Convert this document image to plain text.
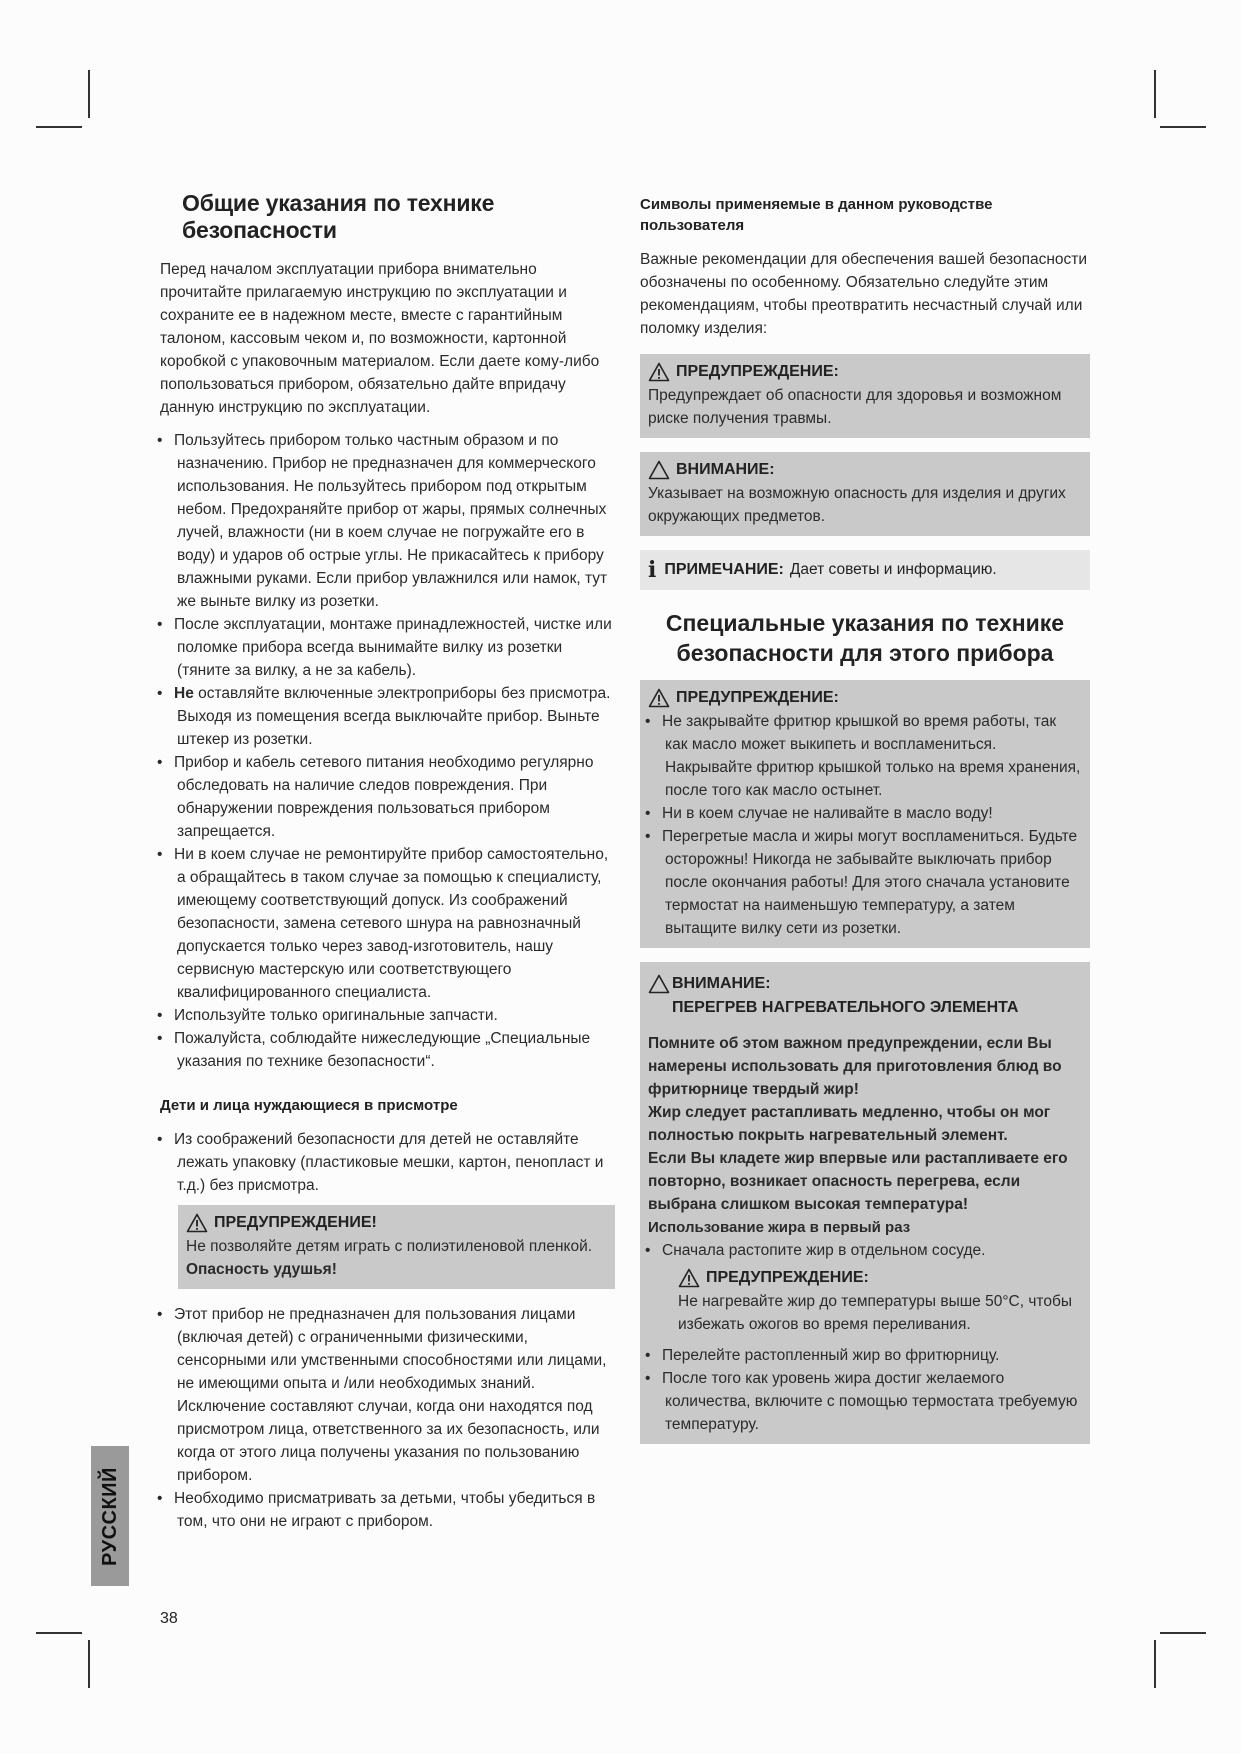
Общие указания по технике безопасности

Перед началом эксплуатации прибора внимательно прочитайте прилагаемую инструкцию по эксплуатации и сохраните ее в надежном месте, вместе с гарантийным талоном, кассовым чеком и, по возможности, картонной коробкой с упаковочным материалом. Если даете кому-либо попользоваться прибором, обязательно дайте впридачу данную инструкцию по эксплуатации.

• Пользуйтесь прибором только частным образом и по назначению. Прибор не предназначен для коммерческого использования. Не пользуйтесь прибором под открытым небом. Предохраняйте прибор от жары, прямых солнечных лучей, влажности (ни в коем случае не погружайте его в воду) и ударов об острые углы. Не прикасайтесь к прибору влажными руками. Если прибор увлажнился или намок, тут же выньте вилку из розетки.
• После эксплуатации, монтаже принадлежностей, чистке или поломке прибора всегда вынимайте вилку из розетки (тяните за вилку, а не за кабель).
• Не оставляйте включенные электроприборы без присмотра. Выходя из помещения всегда выключайте прибор. Выньте штекер из розетки.
• Прибор и кабель сетевого питания необходимо регулярно обследовать на наличие следов повреждения. При обнаружении повреждения пользоваться прибором запрещается.
• Ни в коем случае не ремонтируйте прибор самостоятельно, а обращайтесь в таком случае за помощью к специалисту, имеющему соответствующий допуск. Из соображений безопасности, замена сетевого шнура на равнозначный допускается только через завод-изготовитель, нашу сервисную мастерскую или соответствующего квалифицированного специалиста.
• Используйте только оригинальные запчасти.
• Пожалуйста, соблюдайте нижеследующие „Специальные указания по технике безопасности“.
Дети и лица нуждающиеся в присмотре
• Из соображений безопасности для детей не оставляйте лежать упаковку (пластиковые мешки, картон, пенопласт и т.д.) без присмотра.
ПРЕДУПРЕЖДЕНИЕ!

Не позволяйте детям играть с полиэтиленовой пленкой. Опасность удушья!

• Этот прибор не предназначен для пользования лицами (включая детей) с ограниченными физическими, сенсорными или умственными способностями или лицами, не имеющими опыта и /или необходимых знаний. Исключение составляют случаи, когда они находятся под присмотром лица, ответственного за их безопасность, или когда от этого лица получены указания по пользованию прибором.
• Необходимо присматривать за детьми, чтобы убедиться в том, что они не играют с прибором.
Символы применяемые в данном руководстве пользователя

Важные рекомендации для обеспечения вашей безопасности обозначены по особенному. Обязательно следуйте этим рекомендациям, чтобы преотвратить несчастный случай или поломку изделия:

ПРЕДУПРЕЖДЕНИЕ:

Предупреждает об опасности для здоровья и возможном риске получения травмы.

ВНИМАНИЕ:

Указывает на возможную опасность для изделия и других окружающих предметов.

i ПРИМЕЧАНИЕ: Дает советы и информацию.
Специальные указания по технике безопасности для этого прибора
ПРЕДУПРЕЖДЕНИЕ:
• Не закрывайте фритюр крышкой во время работы, так как масло может выкипеть и воспламениться. Накрывайте фритюр крышкой только на время хранения, после того как масло остынет.
• Ни в коем случае не наливайте в масло воду!
• Перегретые масла и жиры могут воспламениться. Будьте осторожны! Никогда не забывайте выключать прибор после окончания работы! Для этого сначала установите термостат на наименьшую температуру, а затем вытащите вилку сети из розетки.
ВНИМАНИЕ:
ПЕРЕГРЕВ НАГРЕВАТЕЛЬНОГО ЭЛЕМЕНТА

Помните об этом важном предупреждении, если Вы намерены использовать для приготовления блюд во фритюрнице твердый жир!

Жир следует растапливать медленно, чтобы он мог полностью покрыть нагревательный элемент.

Если Вы кладете жир впервые или растапливаете его повторно, возникает опасность перегрева, если выбрана слишком высокая температура!

Использование жира в первый раз

• Сначала растопите жир в отдельном сосуде.
ПРЕДУПРЕЖДЕНИЕ:

Не нагревайте жир до температуры выше 50°C, чтобы избежать ожогов во время переливания.

• Перелейте растопленный жир во фритюрницу.
• После того как уровень жира достиг желаемого количества, включите с помощью термостата требуемую температуру.
РУССКИЙ
38
